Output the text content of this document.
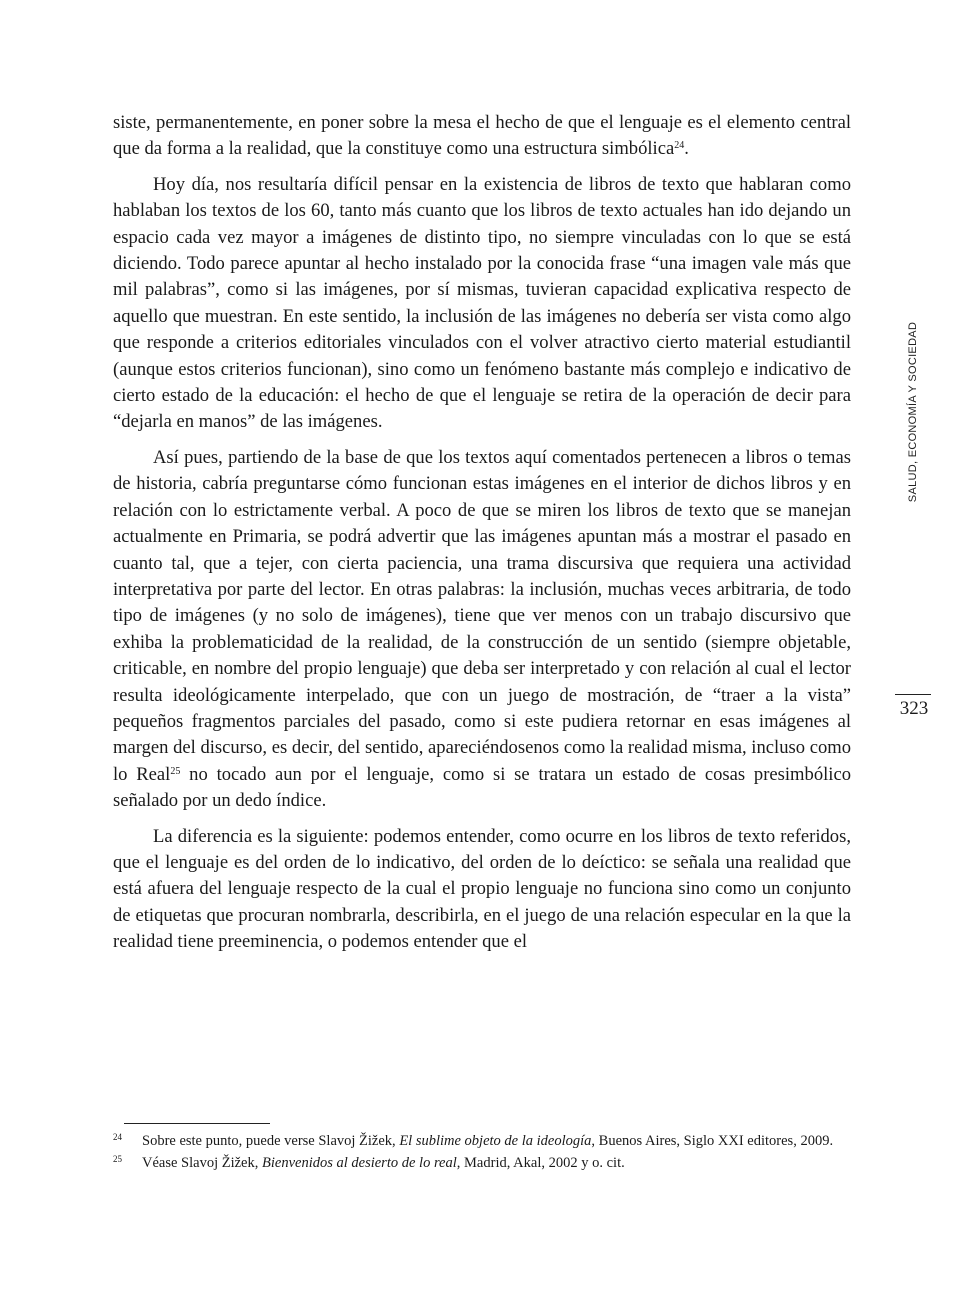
siste, permanentemente, en poner sobre la mesa el hecho de que el lenguaje es el elemento central que da forma a la realidad, que la constituye como una estructura simbólica$^{24}$.

Hoy día, nos resultaría difícil pensar en la existencia de libros de texto que hablaran como hablaban los textos de los 60, tanto más cuanto que los libros de texto actuales han ido dejando un espacio cada vez mayor a imágenes de distinto tipo, no siempre vinculadas con lo que se está diciendo. Todo parece apuntar al hecho instalado por la conocida frase “una imagen vale más que mil palabras”, como si las imágenes, por sí mismas, tuvieran capacidad explicativa respecto de aquello que muestran. En este sentido, la inclusión de las imágenes no debería ser vista como algo que responde a criterios editoriales vinculados con el volver atractivo cierto material estudiantil (aunque estos criterios funcionan), sino como un fenómeno bastante más complejo e indicativo de cierto estado de la educación: el hecho de que el lenguaje se retira de la operación de decir para “dejarla en manos” de las imágenes.

Así pues, partiendo de la base de que los textos aquí comentados pertenecen a libros o temas de historia, cabría preguntarse cómo funcionan estas imágenes en el interior de dichos libros y en relación con lo estrictamente verbal. A poco de que se miren los libros de texto que se manejan actualmente en Primaria, se podrá advertir que las imágenes apuntan más a mostrar el pasado en cuanto tal, que a tejer, con cierta paciencia, una trama discursiva que requiera una actividad interpretativa por parte del lector. En otras palabras: la inclusión, muchas veces arbitraria, de todo tipo de imágenes (y no solo de imágenes), tiene que ver menos con un trabajo discursivo que exhiba la problematicidad de la realidad, de la construcción de un sentido (siempre objetable, criticable, en nombre del propio lenguaje) que deba ser interpretado y con relación al cual el lector resulta ideológicamente interpelado, que con un juego de mostración, de “traer a la vista” pequeños fragmentos parciales del pasado, como si este pudiera retornar en esas imágenes al margen del discurso, es decir, del sentido, apareciéndosenos como la realidad misma, incluso como lo Real$^{25}$ no tocado aun por el lenguaje, como si se tratara un estado de cosas presimbólico señalado por un dedo índice.

La diferencia es la siguiente: podemos entender, como ocurre en los libros de texto referidos, que el lenguaje es del orden de lo indicativo, del orden de lo deíctico: se señala una realidad que está afuera del lenguaje respecto de la cual el propio lenguaje no funciona sino como un conjunto de etiquetas que procuran nombrarla, describirla, en el juego de una relación especular en la que la realidad tiene preeminencia, o podemos entender que el

SALUD, ECONOMÍA Y SOCIEDAD
323

24 Sobre este punto, puede verse Slavoj Žižek, El sublime objeto de la ideología, Buenos Aires, Siglo XXI editores, 2009.

25 Véase Slavoj Žižek, Bienvenidos al desierto de lo real, Madrid, Akal, 2002 y o. cit.
